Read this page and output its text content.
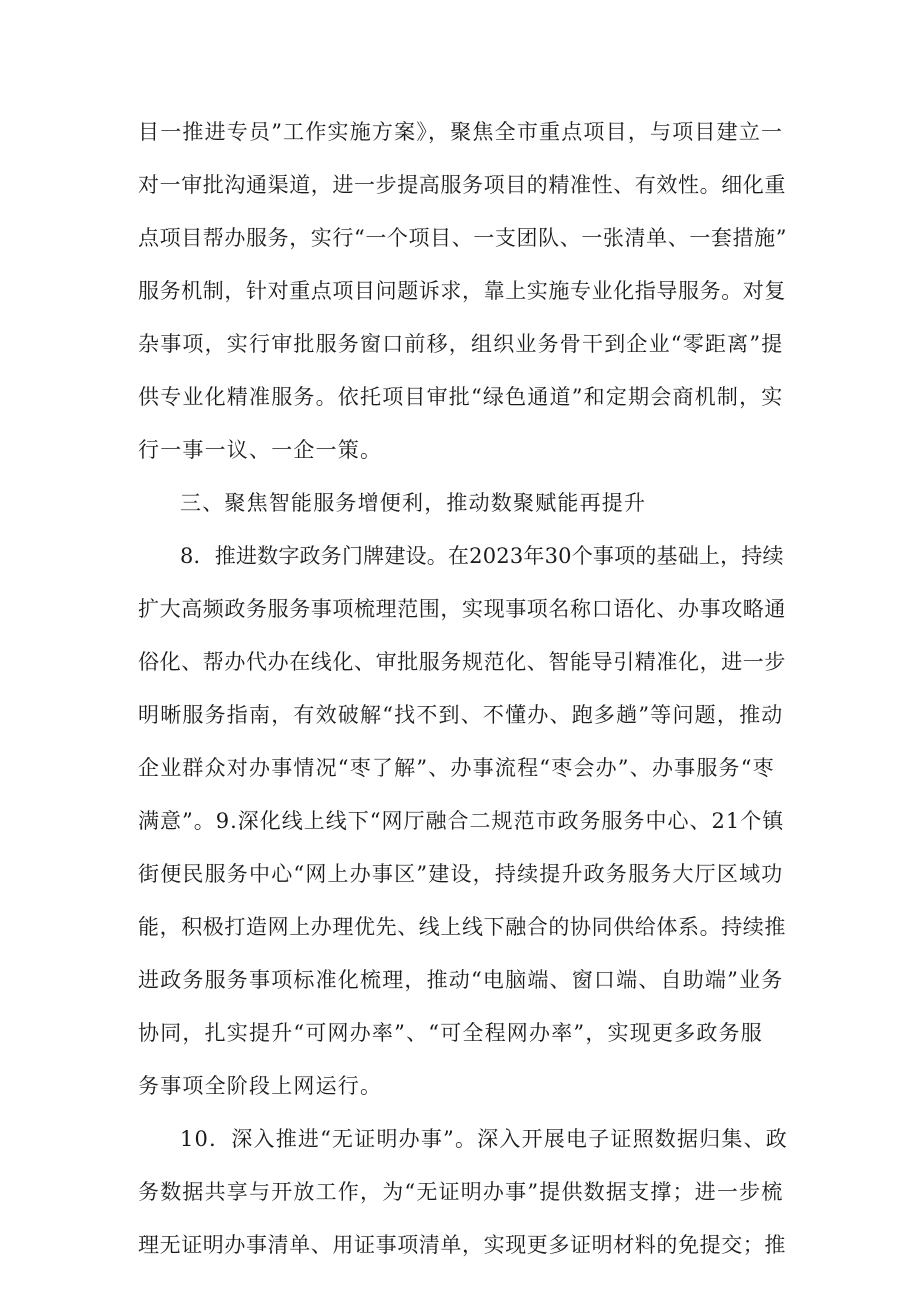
目一推进专员”工作实施方案》，聚焦全市重点项目，与项目建立一
对一审批沟通渠道，进一步提高服务项目的精准性、有效性。细化重
点项目帮办服务，实行“一个项目、一支团队、一张清单、一套措施”
服务机制，针对重点项目问题诉求，靠上实施专业化指导服务。对复
杂事项，实行审批服务窗口前移，组织业务骨干到企业“零距离”提
供专业化精准服务。依托项目审批“绿色通道”和定期会商机制，实
行一事一议、一企一策。
三、聚焦智能服务增便利，推动数聚赋能再提升
8．推进数字政务门牌建设。在2023年30个事项的基础上，持续
扩大高频政务服务事项梳理范围，实现事项名称口语化、办事攻略通
俗化、帮办代办在线化、审批服务规范化、智能导引精准化，进一步
明晰服务指南，有效破解“找不到、不懂办、跑多趟”等问题，推动
企业群众对办事情况“枣了解”、办事流程“枣会办”、办事服务“枣
满意”。9.深化线上线下“网厅融合二规范市政务服务中心、21个镇
街便民服务中心“网上办事区”建设，持续提升政务服务大厅区域功
能，积极打造网上办理优先、线上线下融合的协同供给体系。持续推
进政务服务事项标准化梳理，推动“电脑端、窗口端、自助端”业务
协同，扎实提升“可网办率”、“可全程网办率”，实现更多政务服
务事项全阶段上网运行。
10．深入推进“无证明办事”。深入开展电子证照数据归集、政
务数据共享与开放工作，为“无证明办事”提供数据支撑；进一步梳
理无证明办事清单、用证事项清单，实现更多证明材料的免提交；推
